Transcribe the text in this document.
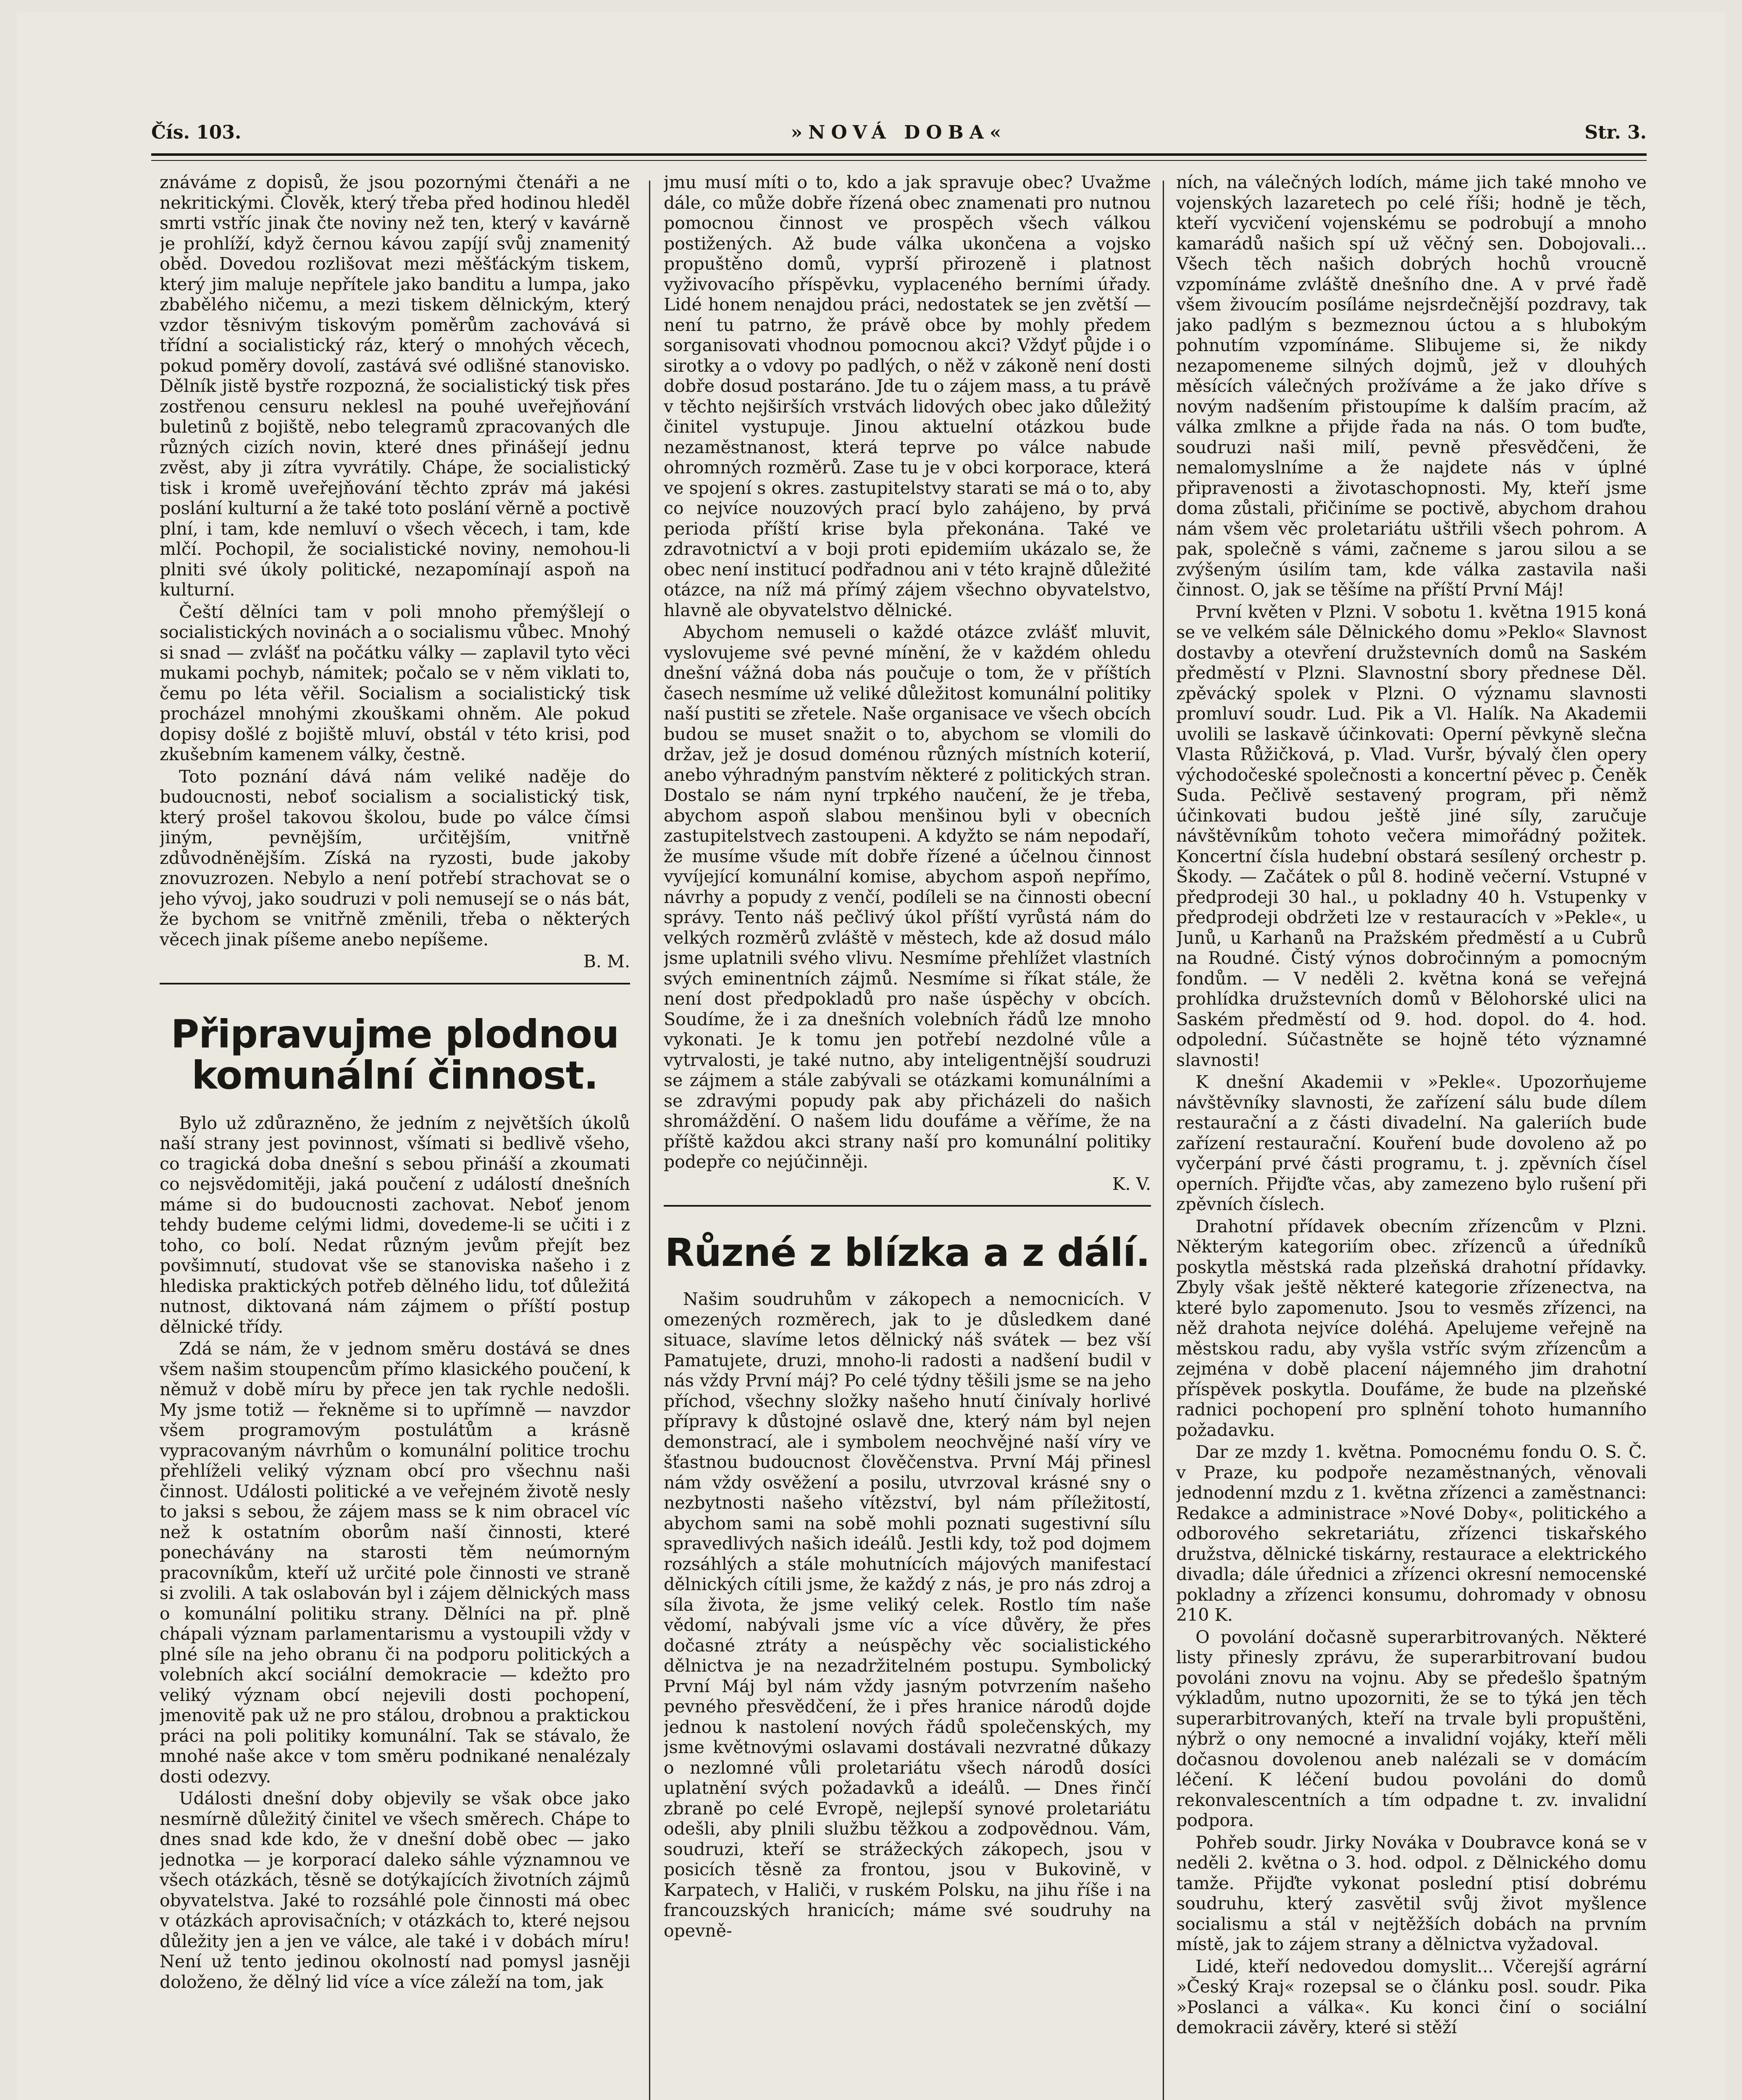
Čís. 103.	»NOVÁ DOBA«	Str. 3.

znáváme z dopisů, že jsou pozornými čtenáři a ne nekritickými. Člověk, který třeba před hodinou hleděl smrti vstříc jinak čte noviny než ten, který v kavárně je prohlíží, když černou kávou zapíjí svůj znamenitý oběd. Dovedou rozlišovat mezi měšťáckým tiskem, který jim maluje nepřítele jako banditu a lumpa, jako zbabělého ničemu, a mezi tiskem dělnickým, který vzdor těsnivým tiskovým poměrům zachovává si třídní a socialistický ráz, který o mnohých věcech, pokud poměry dovolí, zastává své odlišné stanovisko. Dělník jistě bystře rozpozná, že socialistický tisk přes zostřenou censuru neklesl na pouhé uveřejňování buletinů z bojiště, nebo telegramů zpracovaných dle různých cizích novin, které dnes přinášejí jednu zvěst, aby ji zítra vyvrátily. Chápe, že socialistický tisk i kromě uveřejňování těchto zpráv má jakési poslání kulturní a že také toto poslání věrně a poctivě plní, i tam, kde nemluví o všech věcech, i tam, kde mlčí. Pochopil, že socialistické noviny, nemohou-li plniti své úkoly politické, nezapomínají aspoň na kulturní.

Čeští dělníci tam v poli mnoho přemýšlejí o socialistických novinách a o socialismu vůbec. Mnohý si snad — zvlášť na počátku války — zaplavil tyto věci mukami pochyb, námitek; počalo se v něm viklati to, čemu po léta věřil. Socialism a socialistický tisk procházel mnohými zkouškami ohněm. Ale pokud dopisy došlé z bojiště mluví, obstál v této krisi, pod zkušebním kamenem války, čestně.

Toto poznání dává nám veliké naděje do budoucnosti, neboť socialism a socialistický tisk, který prošel takovou školou, bude po válce čímsi jiným, pevnějším, určitějším, vnitřně zdůvodněnějším. Získá na ryzosti, bude jakoby znovuzrozen. Nebylo a není potřebí strachovat se o jeho vývoj, jako soudruzi v poli nemusejí se o nás bát, že bychom se vnitřně změnili, třeba o některých věcech jinak píšeme anebo nepíšeme.

B. M.

Připravujme plodnou komunální činnost.

Bylo už zdůrazněno, že jedním z největších úkolů naší strany jest povinnost, všímati si bedlivě všeho, co tragická doba dnešní s sebou přináší a zkoumati co nejsvědomitěji, jaká poučení z událostí dnešních máme si do budoucnosti zachovat. Neboť jenom tehdy budeme celými lidmi, dovedeme-li se učiti i z toho, co bolí. Nedat různým jevům přejít bez povšimnutí, studovat vše se stanoviska našeho i z hlediska praktických potřeb dělného lidu, toť důležitá nutnost, diktovaná nám zájmem o příští postup dělnické třídy.

Zdá se nám, že v jednom směru dostává se dnes všem našim stoupencům přímo klasického poučení, k němuž v době míru by přece jen tak rychle nedošli. My jsme totiž — řekněme si to upřímně — navzdor všem programovým postulátům a krásně vypracovaným návrhům o komunální politice trochu přehlíželi veliký význam obcí pro všechnu naši činnost. Události politické a ve veřejném životě nesly to jaksi s sebou, že zájem mass se k nim obracel víc než k ostatním oborům naší činnosti, které ponechávány na starosti těm neúmorným pracovníkům, kteří už určité pole činnosti ve straně si zvolili. A tak oslabován byl i zájem dělnických mass o komunální politiku strany. Dělníci na př. plně chápali význam parlamentarismu a vystoupili vždy v plné síle na jeho obranu či na podporu politických a volebních akcí sociální demokracie — kdežto pro veliký význam obcí nejevili dosti pochopení, jmenovitě pak už ne pro stálou, drobnou a praktickou práci na poli politiky komunální. Tak se stávalo, že mnohé naše akce v tom směru podnikané nenalézaly dosti odezvy.

Události dnešní doby objevily se však obce jako nesmírně důležitý činitel ve všech směrech. Chápe to dnes snad kde kdo, že v dnešní době obec — jako jednotka — je korporací daleko sáhle významnou ve všech otázkách, těsně se dotýkajících životních zájmů obyvatelstva. Jaké to rozsáhlé pole činnosti má obec v otázkách aprovisačních; v otázkách to, které nejsou důležity jen a jen ve válce, ale také i v dobách míru! Není už tento jedinou okolností nad pomysl jasněji doloženo, že dělný lid více a více záleží na tom, jak

jmu musí míti o to, kdo a jak spravuje obec? Uvažme dále, co může dobře řízená obec znamenati pro nutnou pomocnou činnost ve prospěch všech válkou postižených. Až bude válka ukončena a vojsko propuštěno domů, vyprší přirozeně i platnost vyživovacího příspěvku, vyplaceného berními úřady. Lidé honem nenajdou práci, nedostatek se jen zvětší — není tu patrno, že právě obce by mohly předem sorganisovati vhodnou pomocnou akci? Vždyť půjde i o sirotky a o vdovy po padlých, o něž v zákoně není dosti dobře dosud postaráno. Jde tu o zájem mass, a tu právě v těchto nejširších vrstvách lidových obec jako důležitý činitel vystupuje. Jinou aktuelní otázkou bude nezaměstnanost, která teprve po válce nabude ohromných rozměrů. Zase tu je v obci korporace, která ve spojení s okres. zastupitelstvy starati se má o to, aby co nejvíce nouzových prací bylo zahájeno, by prvá perioda příští krise byla překonána. Také ve zdravotnictví a v boji proti epidemiím ukázalo se, že obec není institucí podřadnou ani v této krajně důležité otázce, na níž má přímý zájem všechno obyvatelstvo, hlavně ale obyvatelstvo dělnické.

Abychom nemuseli o každé otázce zvlášť mluvit, vyslovujeme své pevné mínění, že v každém ohledu dnešní vážná doba nás poučuje o tom, že v příštích časech nesmíme už veliké důležitost komunální politiky naší pustiti se zřetele. Naše organisace ve všech obcích budou se muset snažit o to, abychom se vlomili do držav, jež je dosud doménou různých místních koterií, anebo výhradným panstvím některé z politických stran. Dostalo se nám nyní trpkého naučení, že je třeba, abychom aspoň slabou menšinou byli v obecních zastupitelstvech zastoupeni. A kdyžto se nám nepodaří, že musíme všude mít dobře řízené a účelnou činnost vyvíjející komunální komise, abychom aspoň nepřímo, návrhy a popudy z venčí, podíleli se na činnosti obecní správy. Tento náš pečlivý úkol příští vyrůstá nám do velkých rozměrů zvláště v městech, kde až dosud málo jsme uplatnili svého vlivu. Nesmíme přehlížet vlastních svých eminentních zájmů. Nesmíme si říkat stále, že není dost předpokladů pro naše úspěchy v obcích. Soudíme, že i za dnešních volebních řádů lze mnoho vykonati. Je k tomu jen potřebí nezdolné vůle a vytrvalosti, je také nutno, aby inteligentnější soudruzi se zájmem a stále zabývali se otázkami komunálními a se zdravými popudy pak aby přicházeli do našich shromáždění. O našem lidu doufáme a věříme, že na příště každou akci strany naší pro komunální politiky podepře co nejúčinněji.

K. V.

Různé z blízka a z dálí.

Našim soudruhům v zákopech a nemocnicích. V omezených rozměrech, jak to je důsledkem dané situace, slavíme letos dělnický náš svátek — bez vší Pamatujete, druzi, mnoho-li radosti a nadšení budil v nás vždy První máj? Po celé týdny těšili jsme se na jeho příchod, všechny složky našeho hnutí činívaly horlivé přípravy k důstojné oslavě dne, který nám byl nejen demonstrací, ale i symbolem neochvějné naší víry ve šťastnou budoucnost člověčenstva. První Máj přinesl nám vždy osvěžení a posilu, utvrzoval krásné sny o nezbytnosti našeho vítězství, byl nám příležitostí, abychom sami na sobě mohli poznati sugestivní sílu spravedlivých našich ideálů. Jestli kdy, tož pod dojmem rozsáhlých a stále mohutnících májových manifestací dělnických cítili jsme, že každý z nás, je pro nás zdroj a síla života, že jsme veliký celek. Rostlo tím naše vědomí, nabývali jsme víc a více důvěry, že přes dočasné ztráty a neúspěchy věc socialistického dělnictva je na nezadržitelném postupu. Symbolický První Máj byl nám vždy jasným potvrzením našeho pevného přesvědčení, že i přes hranice národů dojde jednou k nastolení nových řádů společenských, my jsme květnovými oslavami dostávali nezvratné důkazy o nezlomné vůli proletariátu všech národů dosíci uplatnění svých požadavků a ideálů. — Dnes řinčí zbraně po celé Evropě, nejlepší synové proletariátu odešli, aby plnili službu těžkou a zodpovědnou. Vám, soudruzi, kteří se strážeckých zákopech, jsou v posicích těsně za frontou, jsou v Bukovině, v Karpatech, v Haliči, v ruském Polsku, na jihu říše i na francouzských hranicích; máme své soudruhy na opevně-

ních, na válečných lodích, máme jich také mnoho ve vojenských lazaretech po celé říši; hodně je těch, kteří vycvičení vojenskému se podrobují a mnoho kamarádů našich spí už věčný sen. Dobojovali... Všech těch našich dobrých hochů vroucně vzpomínáme zvláště dnešního dne. A v prvé řadě všem živoucím posíláme nejsrdečnější pozdravy, tak jako padlým s bezmeznou úctou a s hlubokým pohnutím vzpomínáme. Slibujeme si, že nikdy nezapomeneme silných dojmů, jež v dlouhých měsících válečných prožíváme a že jako dříve s novým nadšením přistoupíme k dalším pracím, až válka zmlkne a přijde řada na nás. O tom buďte, soudruzi naši milí, pevně přesvědčeni, že nemalomyslníme a že najdete nás v úplné připravenosti a životaschopnosti. My, kteří jsme doma zůstali, přičiníme se poctivě, abychom drahou nám všem věc proletariátu uštřili všech pohrom. A pak, společně s vámi, začneme s jarou silou a se zvýšeným úsilím tam, kde válka zastavila naši činnost. O, jak se těšíme na příští První Máj!

První květen v Plzni. V sobotu 1. května 1915 koná se ve velkém sále Dělnického domu »Peklo« Slavnost dostavby a otevření družstevních domů na Saském předměstí v Plzni. Slavnostní sbory přednese Děl. zpěvácký spolek v Plzni. O významu slavnosti promluví soudr. Lud. Pik a Vl. Halík. Na Akademii uvolili se laskavě účinkovati: Operní pěvkyně slečna Vlasta Růžičková, p. Vlad. Vuršr, bývalý člen opery východočeské společnosti a koncertní pěvec p. Čeněk Suda. Pečlivě sestavený program, při němž účinkovati budou ještě jiné síly, zaručuje návštěvníkům tohoto večera mimořádný požitek. Koncertní čísla hudební obstará sesílený orchestr p. Škody. — Začátek o půl 8. hodině večerní. Vstupné v předprodeji 30 hal., u pokladny 40 h. Vstupenky v předprodeji obdržeti lze v restauracích v »Pekle«, u Junů, u Karhanů na Pražském předměstí a u Cubrů na Roudné. Čistý výnos dobročinným a pomocným fondům. — V neděli 2. května koná se veřejná prohlídka družstevních domů v Bělohorské ulici na Saském předměstí od 9. hod. dopol. do 4. hod. odpolední. Súčastněte se hojně této významné slavnosti!

K dnešní Akademii v »Pekle«. Upozorňujeme návštěvníky slavnosti, že zařízení sálu bude dílem restaurační a z části divadelní. Na galeriích bude zařízení restaurační. Kouření bude dovoleno až po vyčerpání prvé části programu, t. j. zpěvních čísel operních. Přijďte včas, aby zamezeno bylo rušení při zpěvních číslech.

Drahotní přídavek obecním zřízencům v Plzni. Některým kategoriím obec. zřízenců a úředníků poskytla městská rada plzeňská drahotní přídavky. Zbyly však ještě některé kategorie zřízenectva, na které bylo zapomenuto. Jsou to vesměs zřízenci, na něž drahota nejvíce doléhá. Apelujeme veřejně na městskou radu, aby vyšla vstříc svým zřízencům a zejména v době placení nájemného jim drahotní příspěvek poskytla. Doufáme, že bude na plzeňské radnici pochopení pro splnění tohoto humanního požadavku.

Dar ze mzdy 1. května. Pomocnému fondu O. S. Č. v Praze, ku podpoře nezaměstnaných, věnovali jednodenní mzdu z 1. května zřízenci a zaměstnanci: Redakce a administrace »Nové Doby«, politického a odborového sekretariátu, zřízenci tiskařského družstva, dělnické tiskárny, restaurace a elektrického divadla; dále úřednici a zřízenci okresní nemocenské pokladny a zřízenci konsumu, dohromady v obnosu 210 K.

O povolání dočasně superarbitrovaných. Některé listy přinesly zprávu, že superarbitrovaní budou povoláni znovu na vojnu. Aby se předešlo špatným výkladům, nutno upozorniti, že se to týká jen těch superarbitrovaných, kteří na trvale byli propuštěni, nýbrž o ony nemocné a invalidní vojáky, kteří měli dočasnou dovolenou aneb nalézali se v domácím léčení. K léčení budou povoláni do domů rekonvalescentních a tím odpadne t. zv. invalidní podpora.

Pohřeb soudr. Jirky Nováka v Doubravce koná se v neděli 2. května o 3. hod. odpol. z Dělnického domu tamže. Přijďte vykonat poslední ptisí dobrému soudruhu, který zasvětil svůj život myšlence socialismu a stál v nejtěžších dobách na prvním místě, jak to zájem strany a dělnictva vyžadoval.

Lidé, kteří nedovedou domyslit... Včerejší agrární »Český Kraj« rozepsal se o článku posl. soudr. Pika »Poslanci a válka«. Ku konci činí o sociální demokracii závěry, které si stěží
